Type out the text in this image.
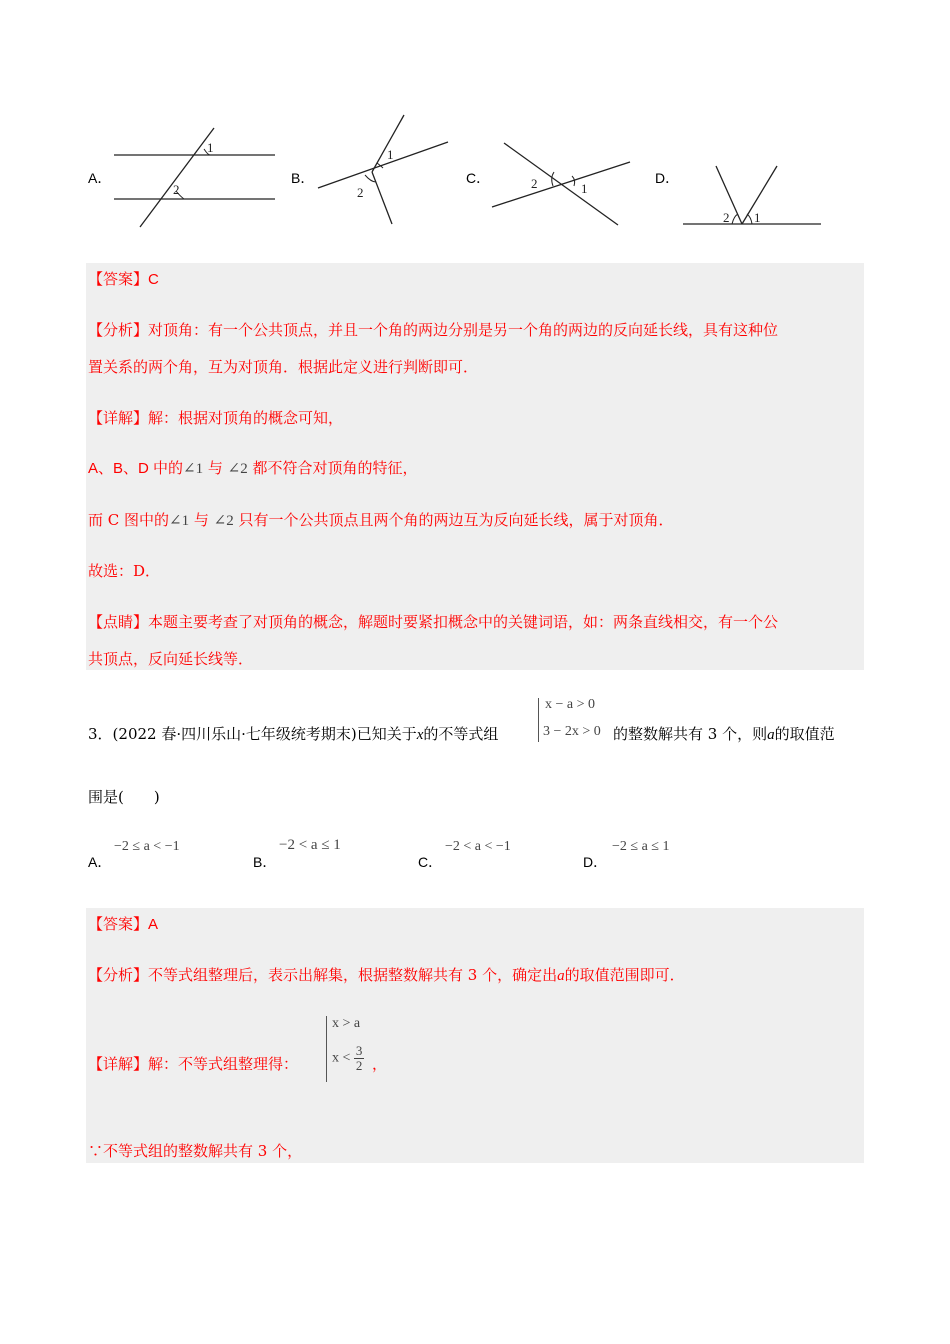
A．
1
2
B．
1
2
C．	2	1
D．
2 1
【答案】C
【分析】对顶角：有一个公共顶点，并且一个角的两边分别是另一个角的两边的反向延长线，具有这种位
置关系的两个角，互为对顶角．根据此定义进行判断即可．
【详解】解：根据对顶角的概念可知，
A、B、D 中的∠1 与 ∠2 都不符合对顶角的特征，
而 C 图中的∠1 与 ∠2 只有一个公共顶点且两个角的两边互为反向延长线，属于对顶角．
故选：D．
【点睛】本题主要考查了对顶角的概念，解题时要紧扣概念中的关键词语，如：两条直线相交，有一个公
共顶点，反向延长线等．
3．(2022 春·四川乐山·七年级统考期末)已知关于x的不等式组
x − a > 0
3 − 2x > 0 的整数解共有 3 个，则a的取值范
围是(　　)
A．
−2 ≤ a < −1
B．
−2 < a ≤ 1
C．
−2 < a < −1
D．
−2 ≤ a ≤ 1
【答案】A
【分析】不等式组整理后，表示出解集，根据整数解共有 3 个，确定出a的取值范围即可．
【详解】解：不等式组整理得：
x > a
$x < \frac{3}{2}$ ，
∵不等式组的整数解共有 3 个，
